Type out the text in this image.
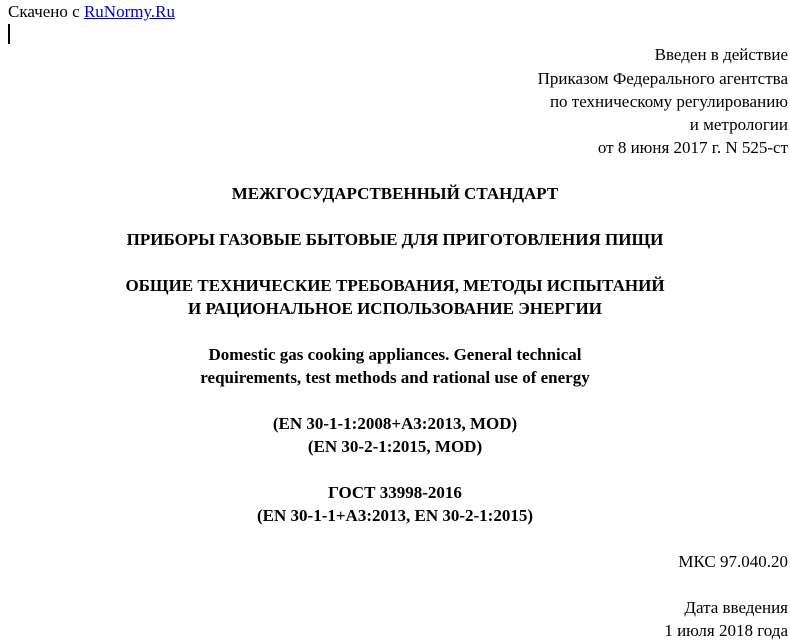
Скачено с RuNormy.Ru
Введен в действие
Приказом Федерального агентства
по техническому регулированию
и метрологии
от 8 июня 2017 г. N 525-ст
МЕЖГОСУДАРСТВЕННЫЙ СТАНДАРТ
ПРИБОРЫ ГАЗОВЫЕ БЫТОВЫЕ ДЛЯ ПРИГОТОВЛЕНИЯ ПИЩИ
ОБЩИЕ ТЕХНИЧЕСКИЕ ТРЕБОВАНИЯ, МЕТОДЫ ИСПЫТАНИЙ
И РАЦИОНАЛЬНОЕ ИСПОЛЬЗОВАНИЕ ЭНЕРГИИ
Domestic gas cooking appliances. General technical
requirements, test methods and rational use of energy
(EN 30-1-1:2008+A3:2013, MOD)
(EN 30-2-1:2015, MOD)
ГОСТ 33998-2016
(EN 30-1-1+A3:2013, EN 30-2-1:2015)
МКС 97.040.20
Дата введения
1 июля 2018 года
